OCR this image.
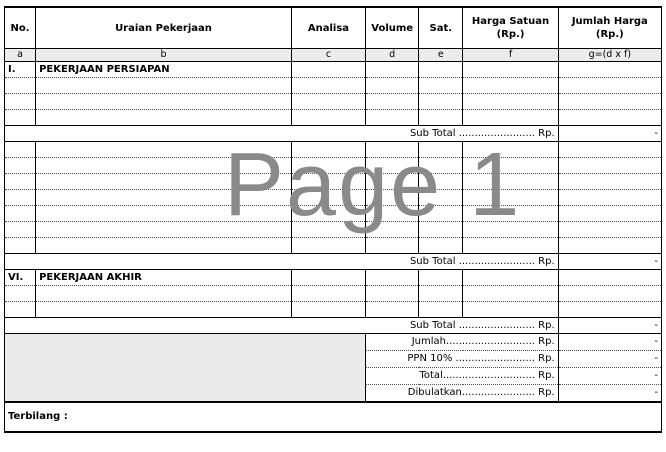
No.	Uraian Pekerjaan	Analisa	Volume	Sat.	Harga Satuan (Rp.)	Jumlah Harga (Rp.)
a	b	c	d	e	f	g=(d x f)
I.	PEKERJAAN PERSIAPAN					

Sub Total ........................ Rp.						-

Sub Total ........................ Rp.						-
VI.	PEKERJAAN AKHIR					

Sub Total ........................ Rp.						-
			Jumlah............................ Rp.			-
			PPN 10% ......................... Rp.			-
			Total............................. Rp.			-
			Dibulatkan....................... Rp.			-
Terbilang :						
Page 1
